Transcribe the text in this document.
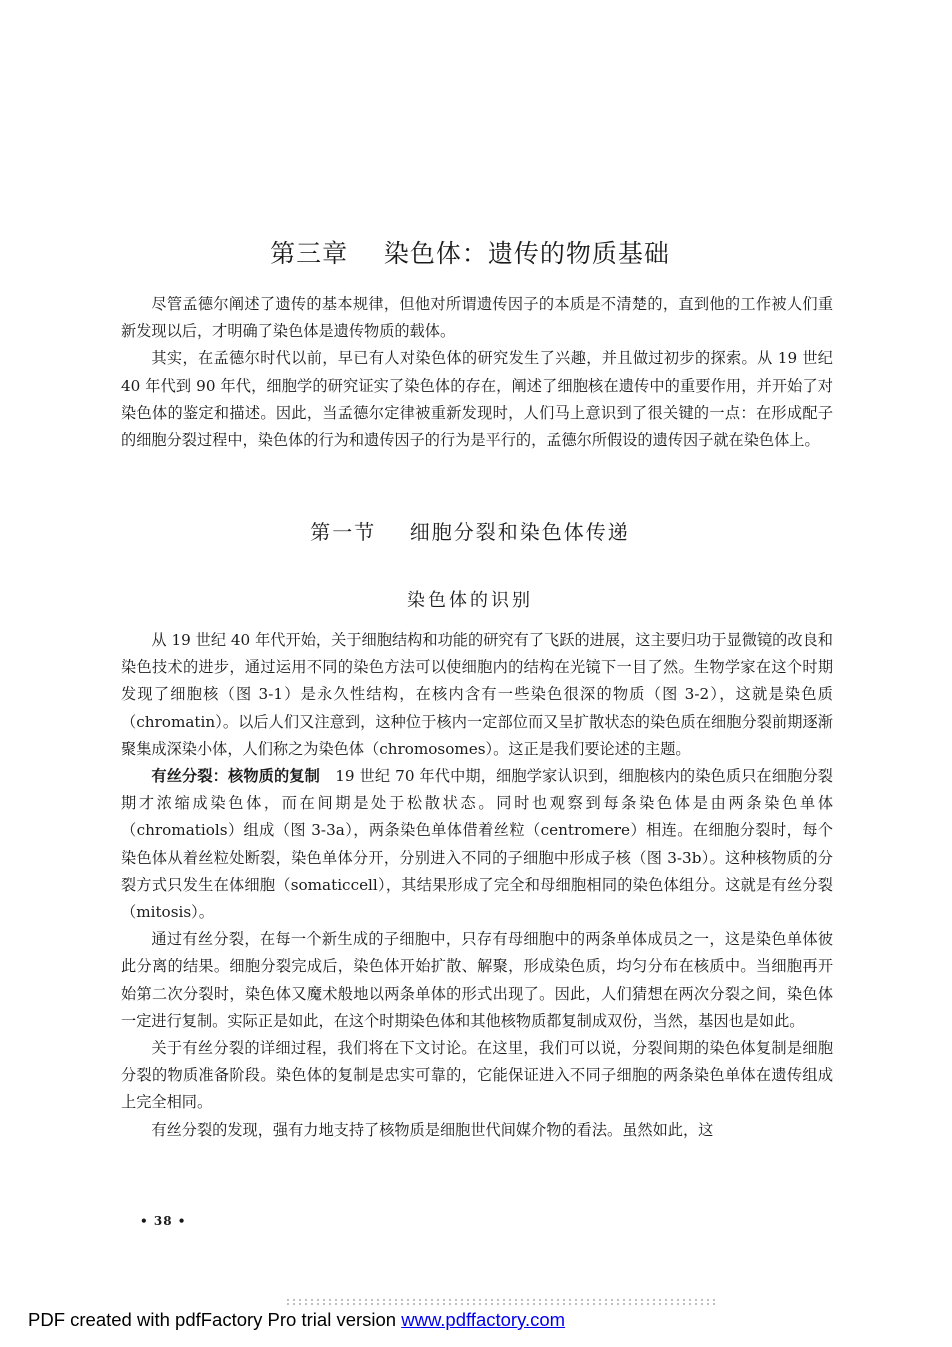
第三章    染色体：遗传的物质基础

尽管孟德尔阐述了遗传的基本规律，但他对所谓遗传因子的本质是不清楚的，直到他的工作被人们重新发现以后，才明确了染色体是遗传物质的载体。

其实，在孟德尔时代以前，早已有人对染色体的研究发生了兴趣，并且做过初步的探索。从 19 世纪 40 年代到 90 年代，细胞学的研究证实了染色体的存在，阐述了细胞核在遗传中的重要作用，并开始了对染色体的鉴定和描述。因此，当孟德尔定律被重新发现时，人们马上意识到了很关键的一点：在形成配子的细胞分裂过程中，染色体的行为和遗传因子的行为是平行的，孟德尔所假设的遗传因子就在染色体上。

第一节    细胞分裂和染色体传递
染色体的识别

从 19 世纪 40 年代开始，关于细胞结构和功能的研究有了飞跃的进展，这主要归功于显微镜的改良和染色技术的进步，通过运用不同的染色方法可以使细胞内的结构在光镜下一目了然。生物学家在这个时期发现了细胞核（图 3-1）是永久性结构，在核内含有一些染色很深的物质（图 3-2），这就是染色质（chromatin）。以后人们又注意到，这种位于核内一定部位而又呈扩散状态的染色质在细胞分裂前期逐渐聚集成深染小体，人们称之为染色体（chromosomes）。这正是我们要论述的主题。

有丝分裂：核物质的复制　19 世纪 70 年代中期，细胞学家认识到，细胞核内的染色质只在细胞分裂期才浓缩成染色体，而在间期是处于松散状态。同时也观察到每条染色体是由两条染色单体（chromatiols）组成（图 3-3a），两条染色单体借着丝粒（centromere）相连。在细胞分裂时，每个染色体从着丝粒处断裂，染色单体分开，分别进入不同的子细胞中形成子核（图 3-3b）。这种核物质的分裂方式只发生在体细胞（somaticcell），其结果形成了完全和母细胞相同的染色体组分。这就是有丝分裂（mitosis）。

通过有丝分裂，在每一个新生成的子细胞中，只存有母细胞中的两条单体成员之一，这是染色单体彼此分离的结果。细胞分裂完成后，染色体开始扩散、解聚，形成染色质，均匀分布在核质中。当细胞再开始第二次分裂时，染色体又魔术般地以两条单体的形式出现了。因此，人们猜想在两次分裂之间，染色体一定进行复制。实际正是如此，在这个时期染色体和其他核物质都复制成双份，当然，基因也是如此。

关于有丝分裂的详细过程，我们将在下文讨论。在这里，我们可以说，分裂间期的染色体复制是细胞分裂的物质准备阶段。染色体的复制是忠实可靠的，它能保证进入不同子细胞的两条染色单体在遗传组成上完全相同。

有丝分裂的发现，强有力地支持了核物质是细胞世代间媒介物的看法。虽然如此，这

• 38 •
PDF created with pdfFactory Pro trial version www.pdffactory.com
